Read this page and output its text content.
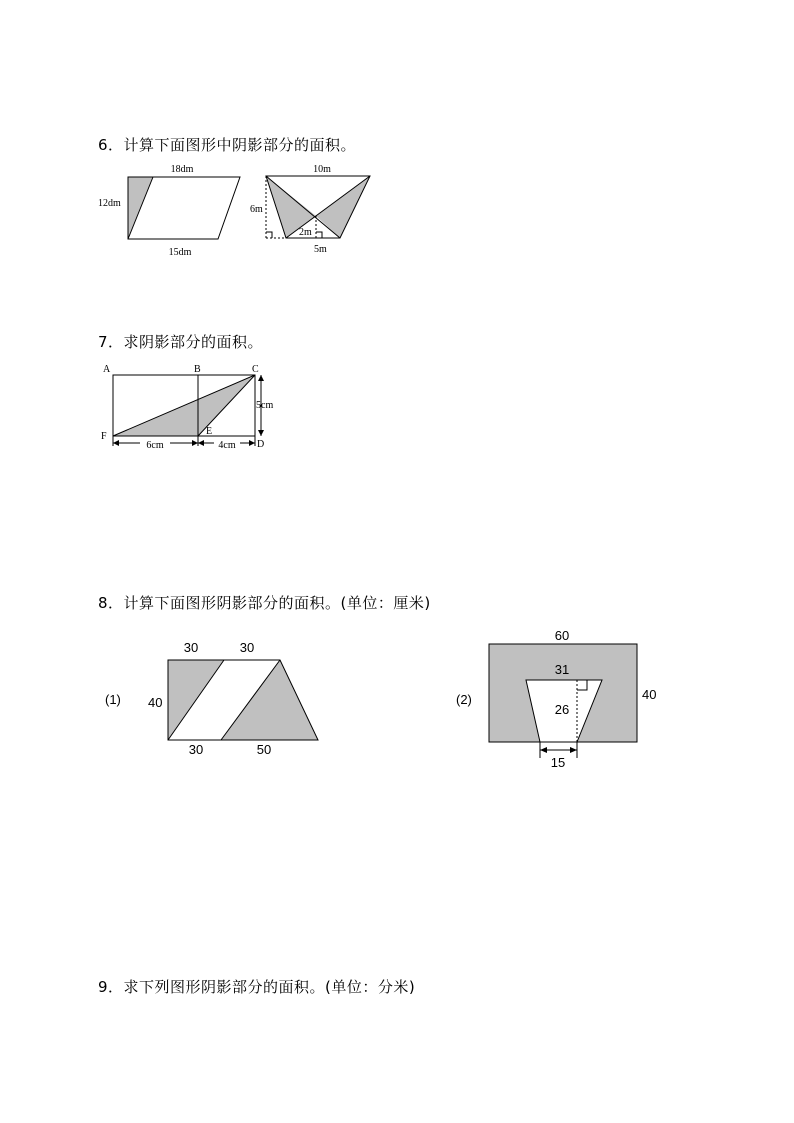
6．计算下面图形中阴影部分的面积。
7．求阴影部分的面积。
8．计算下面图形阴影部分的面积。(单位：厘米)
9．求下列图形阴影部分的面积。(单位：分米)
18dm
12dm
15dm
10m
6m
2m
5m
A	B	C
D
E
F
5cm
6cm	4cm
(1)
30	30
40
30	50
(2)
60
31
26
40
15
